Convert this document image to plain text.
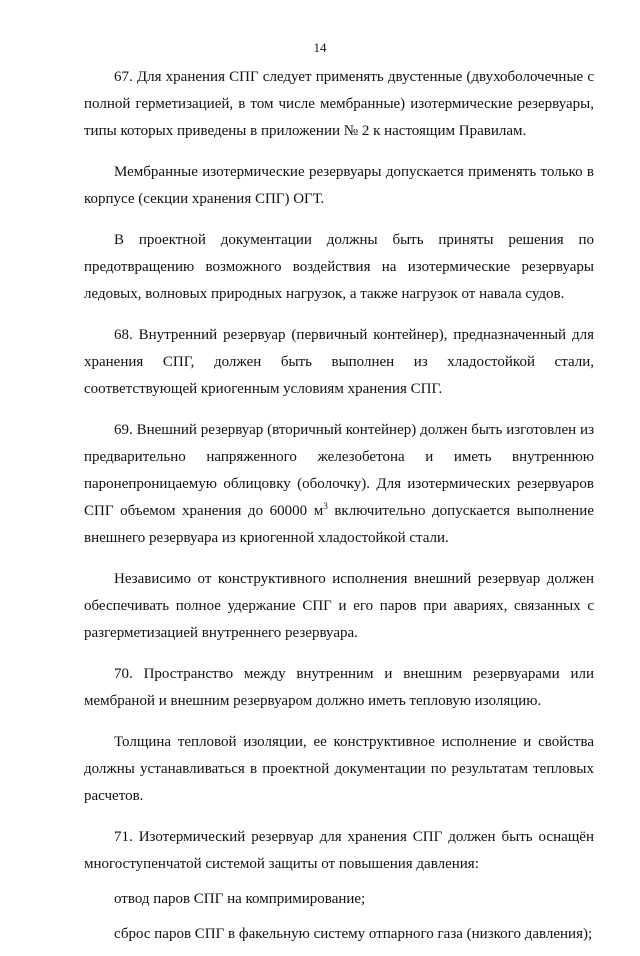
14

67. Для хранения СПГ следует применять двустенные (двухоболочечные с полной герметизацией, в том числе мембранные) изотермические резервуары, типы которых приведены в приложении № 2 к настоящим Правилам.

Мембранные изотермические резервуары допускается применять только в корпусе (секции хранения СПГ) ОГТ.

В проектной документации должны быть приняты решения по предотвращению возможного воздействия на изотермические резервуары ледовых, волновых природных нагрузок, а также нагрузок от навала судов.

68. Внутренний резервуар (первичный контейнер), предназначенный для хранения СПГ, должен быть выполнен из хладостойкой стали, соответствующей криогенным условиям хранения СПГ.

69. Внешний резервуар (вторичный контейнер) должен быть изготовлен из предварительно напряженного железобетона и иметь внутреннюю паронепроницаемую облицовку (оболочку). Для изотермических резервуаров СПГ объемом хранения до 60000 $м^3$ включительно допускается выполнение внешнего резервуара из криогенной хладостойкой стали.

Независимо от конструктивного исполнения внешний резервуар должен обеспечивать полное удержание СПГ и его паров при авариях, связанных с разгерметизацией внутреннего резервуара.

70. Пространство между внутренним и внешним резервуарами или мембраной и внешним резервуаром должно иметь тепловую изоляцию.

Толщина тепловой изоляции, ее конструктивное исполнение и свойства должны устанавливаться в проектной документации по результатам тепловых расчетов.

71. Изотермический резервуар для хранения СПГ должен быть оснащён многоступенчатой системой защиты от повышения давления:

отвод паров СПГ на компримирование;

сброс паров СПГ в факельную систему отпарного газа (низкого давления);
